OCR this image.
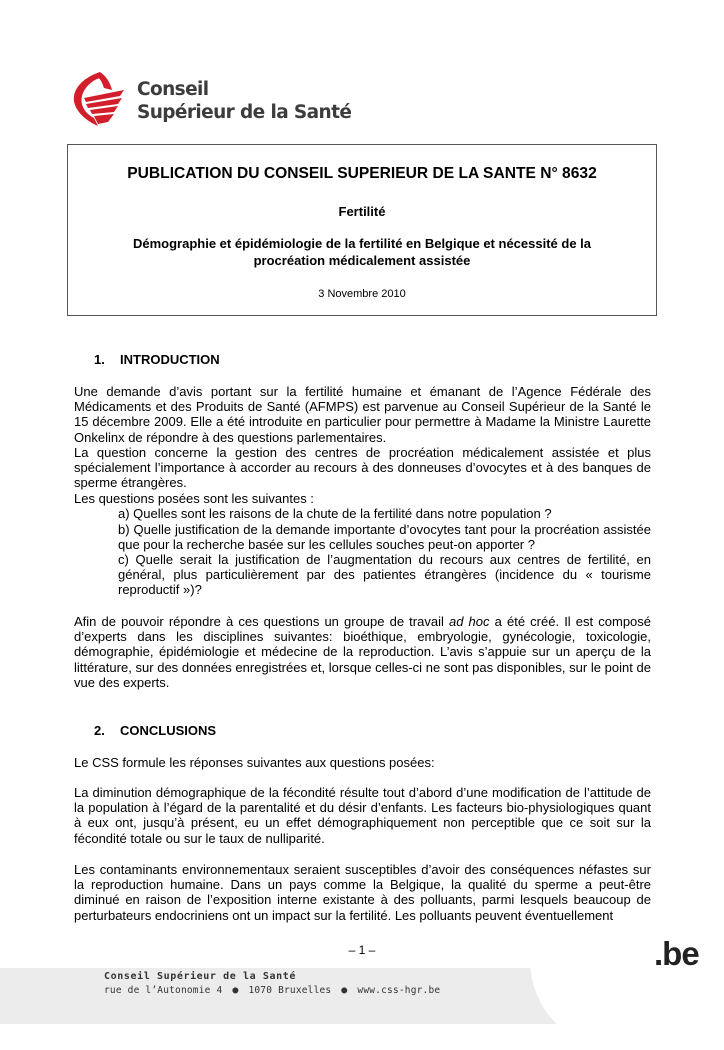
Conseil
Supérieur de la Santé
PUBLICATION DU CONSEIL SUPERIEUR DE LA SANTE N° 8632
Fertilité
Démographie et épidémiologie de la fertilité en Belgique et nécessité de la
procréation médicalement assistée
3 Novembre 2010
1. INTRODUCTION

Une demande d’avis portant sur la fertilité humaine et émanant de l’Agence Fédérale des Médicaments et des Produits de Santé (AFMPS) est parvenue au Conseil Supérieur de la Santé le 15 décembre 2009. Elle a été introduite en particulier pour permettre à Madame la Ministre Laurette Onkelinx de répondre à des questions parlementaires.

La question concerne la gestion des centres de procréation médicalement assistée et plus spécialement l’importance à accorder au recours à des donneuses d’ovocytes et à des banques de sperme étrangères.

Les questions posées sont les suivantes :

a) Quelles sont les raisons de la chute de la fertilité dans notre population ?

b) Quelle justification de la demande importante d’ovocytes tant pour la procréation assistée que pour la recherche basée sur les cellules souches peut-on apporter ?

c) Quelle serait la justification de l’augmentation du recours aux centres de fertilité, en général, plus particulièrement par des patientes étrangères (incidence du « tourisme reproductif »)?

Afin de pouvoir répondre à ces questions un groupe de travail ad hoc a été créé. Il est composé d’experts dans les disciplines suivantes: bioéthique, embryologie, gynécologie, toxicologie, démographie, épidémiologie et médecine de la reproduction. L’avis s’appuie sur un aperçu de la littérature, sur des données enregistrées et, lorsque celles-ci ne sont pas disponibles, sur le point de vue des experts.

2. CONCLUSIONS

Le CSS formule les réponses suivantes aux questions posées:

La diminution démographique de la fécondité résulte tout d’abord d’une modification de l’attitude de la population à l’égard de la parentalité et du désir d’enfants. Les facteurs bio-physiologiques quant à eux ont, jusqu’à présent, eu un effet démographiquement non perceptible que ce soit sur la fécondité totale ou sur le taux de nulliparité.

Les contaminants environnementaux seraient susceptibles d’avoir des conséquences néfastes sur la reproduction humaine. Dans un pays comme la Belgique, la qualité du sperme a peut-être diminué en raison de l’exposition interne existante à des polluants, parmi lesquels beaucoup de perturbateurs endocriniens ont un impact sur la fertilité. Les polluants peuvent éventuellement

– 1 –	.be
Conseil Supérieur de la Santé
rue de l’Autonomie 4 ● 1070 Bruxelles ● www.css-hgr.be
